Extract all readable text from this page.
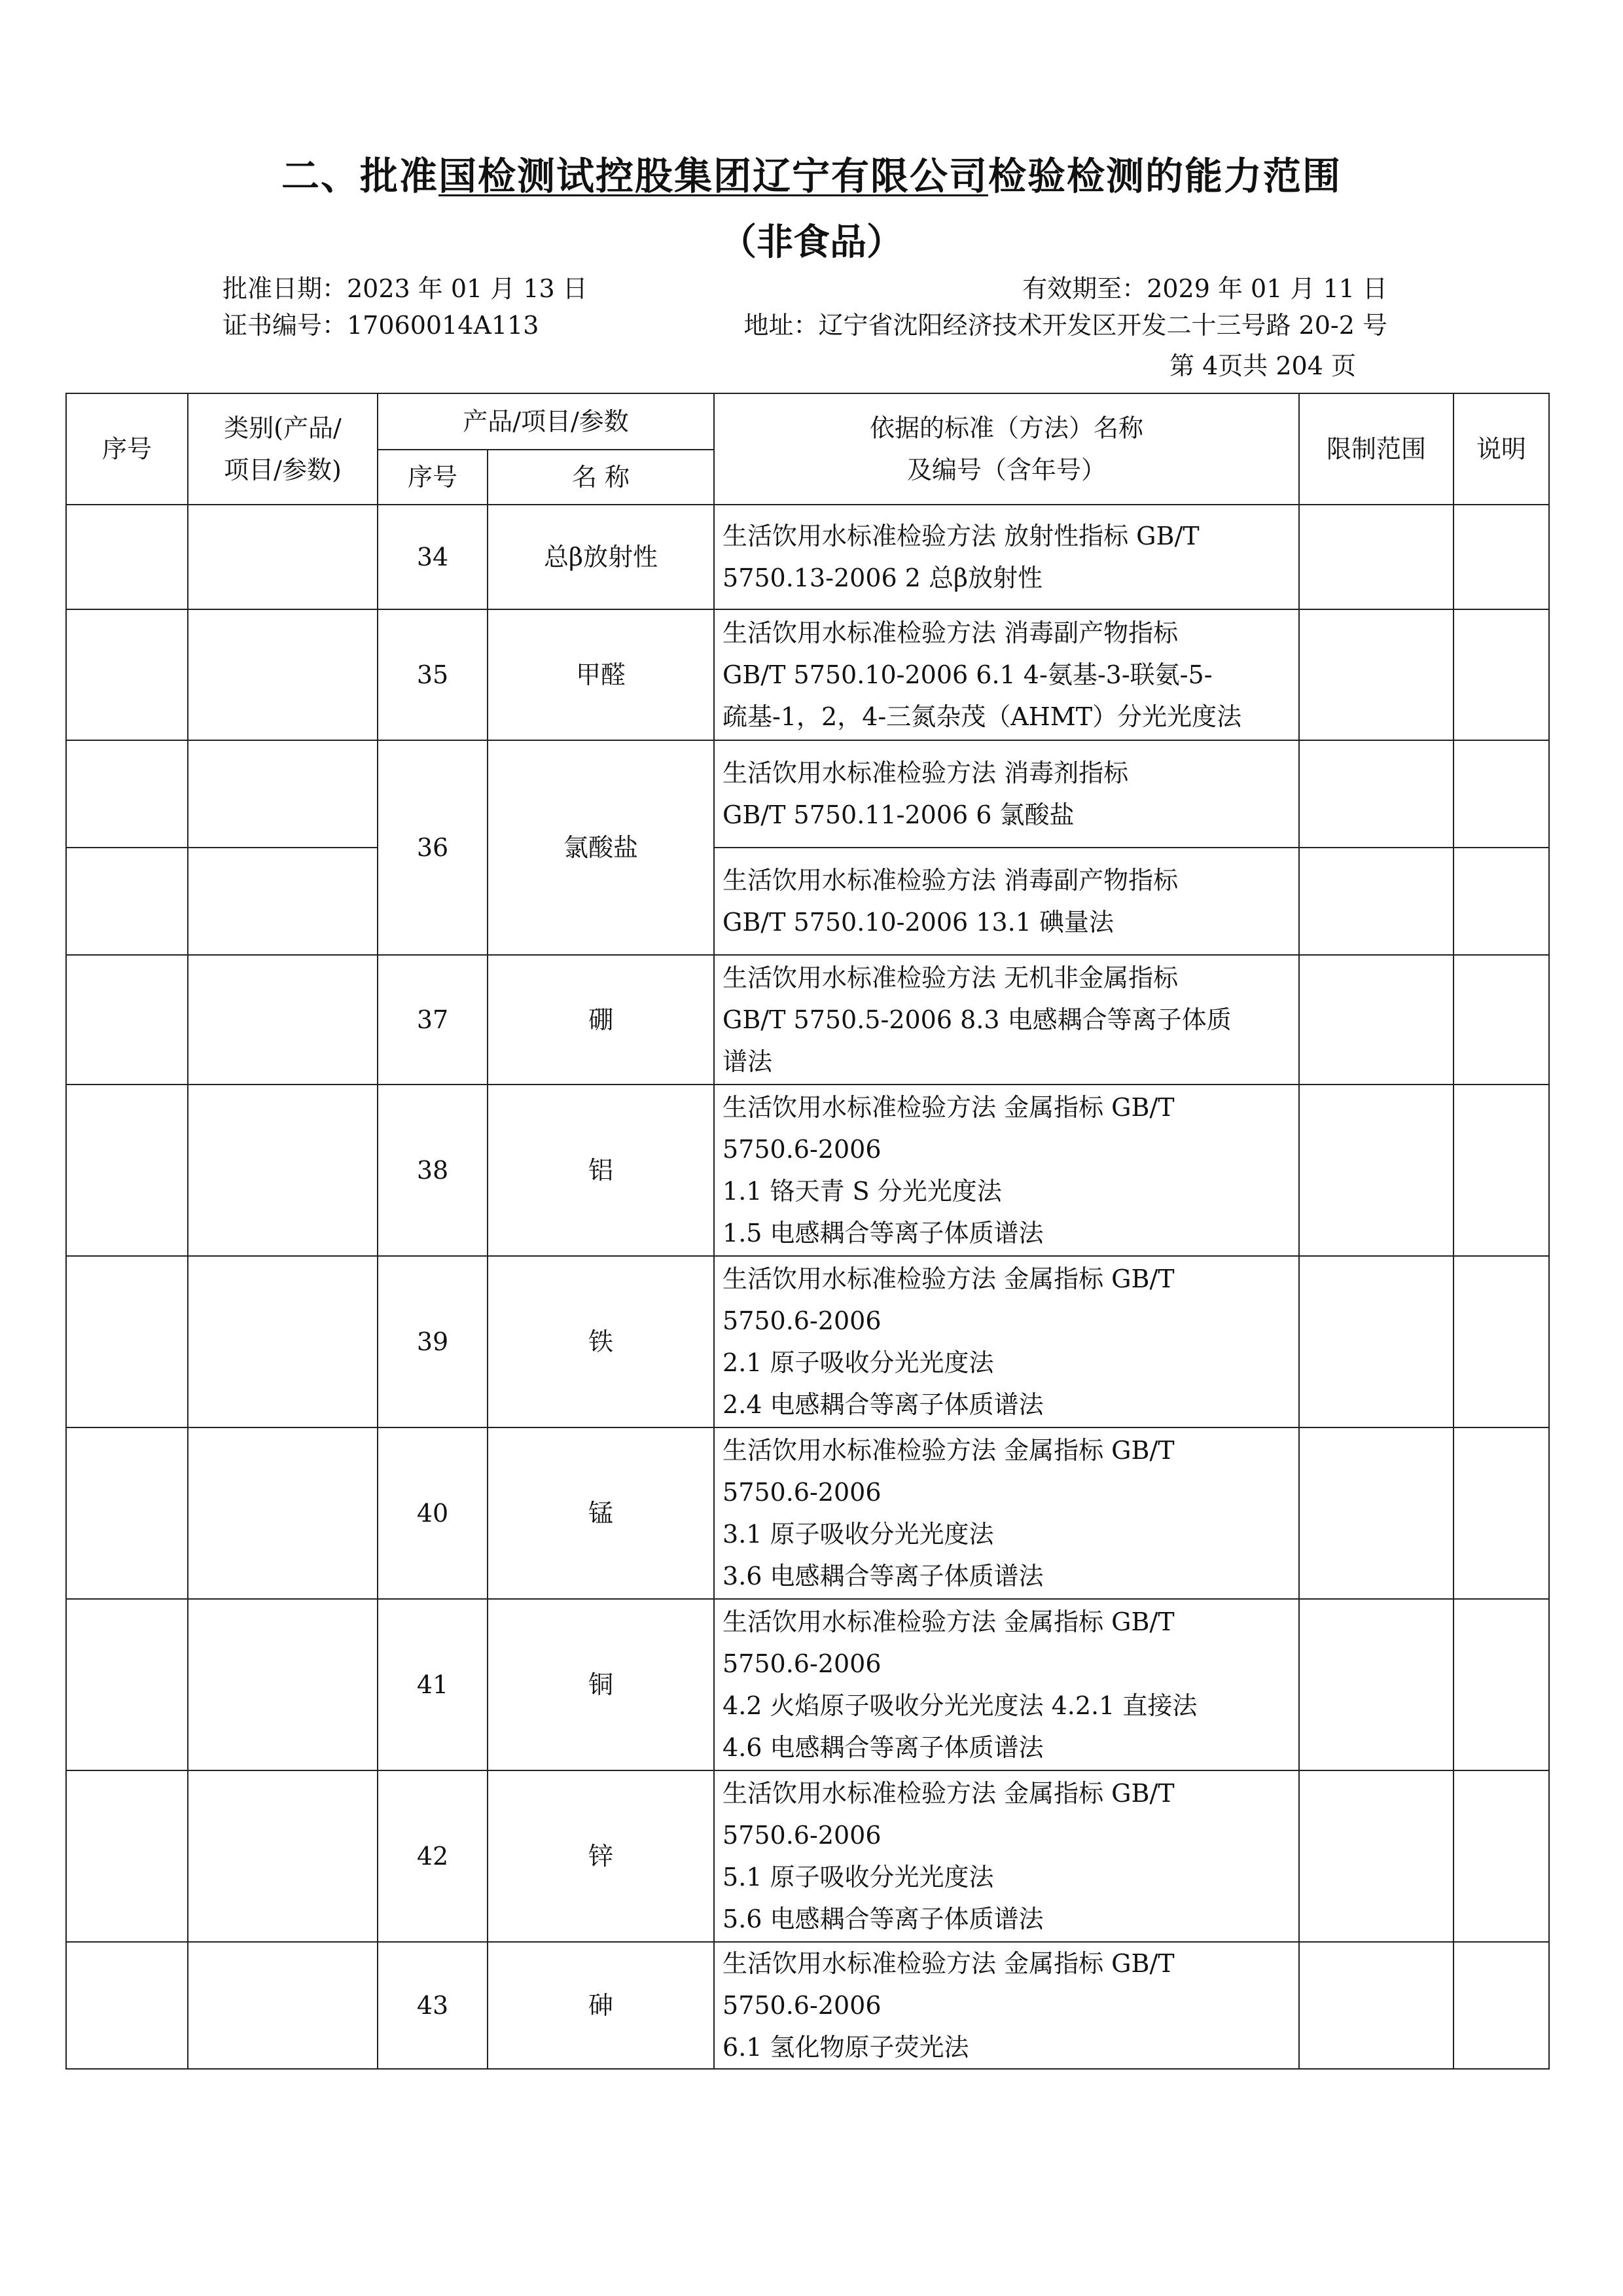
二、批准国检测试控股集团辽宁有限公司检验检测的能力范围
（非食品）
批准日期：2023 年 01 月 13 日	有效期至：2029 年 01 月 11 日
证书编号：17060014A113	地址：辽宁省沈阳经济技术开发区开发二十三号路 20-2 号
第 4页共 204 页
序号	类别(产品/
项目/参数)	产品/项目/参数		依据的标准（方法）名称
及编号（含年号）	限制范围	说明
		序号	名 称			
		34	总β放射性	生活饮用水标准检验方法 放射性指标 GB/T
5750.13-2006 2 总β放射性		

		35	甲醛	生活饮用水标准检验方法 消毒副产物指标
GB/T 5750.10-2006 6.1 4-氨基-3-联氨-5-
疏基-1，2，4-三氮杂茂（AHMT）分光光度法		

		36	氯酸盐	生活饮用水标准检验方法 消毒剂指标
GB/T 5750.11-2006 6 氯酸盐		

				生活饮用水标准检验方法 消毒副产物指标
GB/T 5750.10-2006 13.1 碘量法		

		37	硼	生活饮用水标准检验方法 无机非金属指标
GB/T 5750.5-2006 8.3 电感耦合等离子体质
谱法		

		38	铝	生活饮用水标准检验方法 金属指标 GB/T
5750.6-2006
1.1 铬天青 S 分光光度法
1.5 电感耦合等离子体质谱法		

		39	铁	生活饮用水标准检验方法 金属指标 GB/T
5750.6-2006
2.1 原子吸收分光光度法
2.4 电感耦合等离子体质谱法		

		40	锰	生活饮用水标准检验方法 金属指标 GB/T
5750.6-2006
3.1 原子吸收分光光度法
3.6 电感耦合等离子体质谱法		

		41	铜	生活饮用水标准检验方法 金属指标 GB/T
5750.6-2006
4.2 火焰原子吸收分光光度法 4.2.1 直接法
4.6 电感耦合等离子体质谱法		

		42	锌	生活饮用水标准检验方法 金属指标 GB/T
5750.6-2006
5.1 原子吸收分光光度法
5.6 电感耦合等离子体质谱法		

		43	砷	生活饮用水标准检验方法 金属指标 GB/T
5750.6-2006
6.1 氢化物原子荧光法		
